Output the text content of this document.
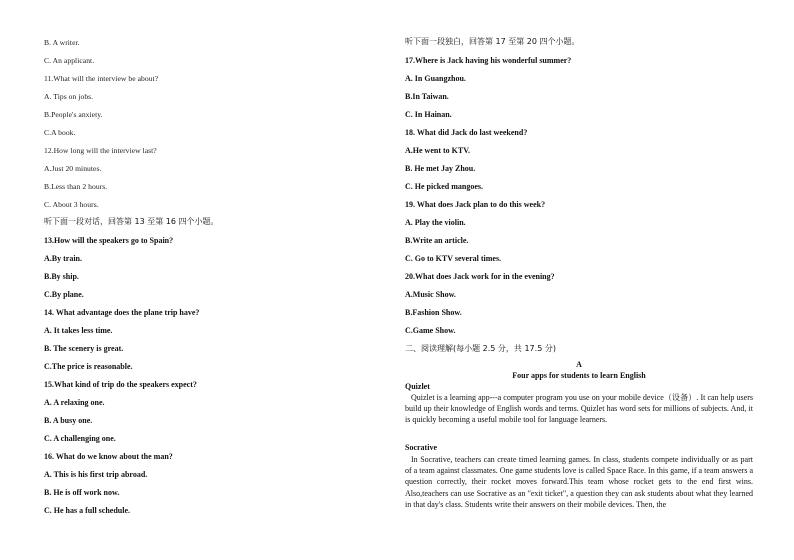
B. A writer.
C. An applicant.
11.What will the interview be about?
A. Tips on jobs.
B.People's anxiety.
C.A book.
12.How long will the interview last?
A.Just 20 minutes.
B.Less than 2 hours.
C. About 3 hours.
听下面一段对话，回答第 13 至第 16 四个小题。
13.How will the speakers go to Spain?
A.By train.
B.By ship.
C.By plane.
14. What advantage does the plane trip have?
A. It takes less time.
B. The scenery is great.
C.The price is reasonable.
15.What kind of trip do the speakers expect?
A. A relaxing one.
B. A busy one.
C. A challenging one.
16. What do we know about the man?
A. This is his first trip abroad.
B. He is off work now.
C. He has a full schedule.
听下面一段独白，回答第 17 至第 20 四个小题。
17.Where is Jack having his wonderful summer?
A. In Guangzhou.
B.In Taiwan.
C. In Hainan.
18. What did Jack do last weekend?
A.He went to KTV.
B. He met Jay Zhou.
C. He picked mangoes.
19. What does Jack plan to do this week?
A. Play the violin.
B.Write an article.
C. Go to KTV several times.
20.What does Jack work for in the evening?
A.Music Show.
B.Fashion Show.
C.Game Show.
二、阅读理解(每小题 2.5 分，共 17.5 分)
A
Four apps for students to learn English
Quizlet
Quizlet is a learning app---a computer program you use on your mobile device（设备）. It can help users build up their knowledge of English words and terms. Quizlet has word sets for millions of subjects. And, it is quickly becoming a useful mobile tool for language learners.
Socrative
In Socrative, teachers can create timed learning games. In class, students compete individually or as part of a team against classmates. One game students love is called Space Race. In this game, if a team answers a question correctly, their rocket moves forward.This team whose rocket gets to the end first wins. Also,teachers can use Socrative as an "exit ticket", a question they can ask students about what they learned in that day's class. Students write their answers on their mobile devices. Then, the
